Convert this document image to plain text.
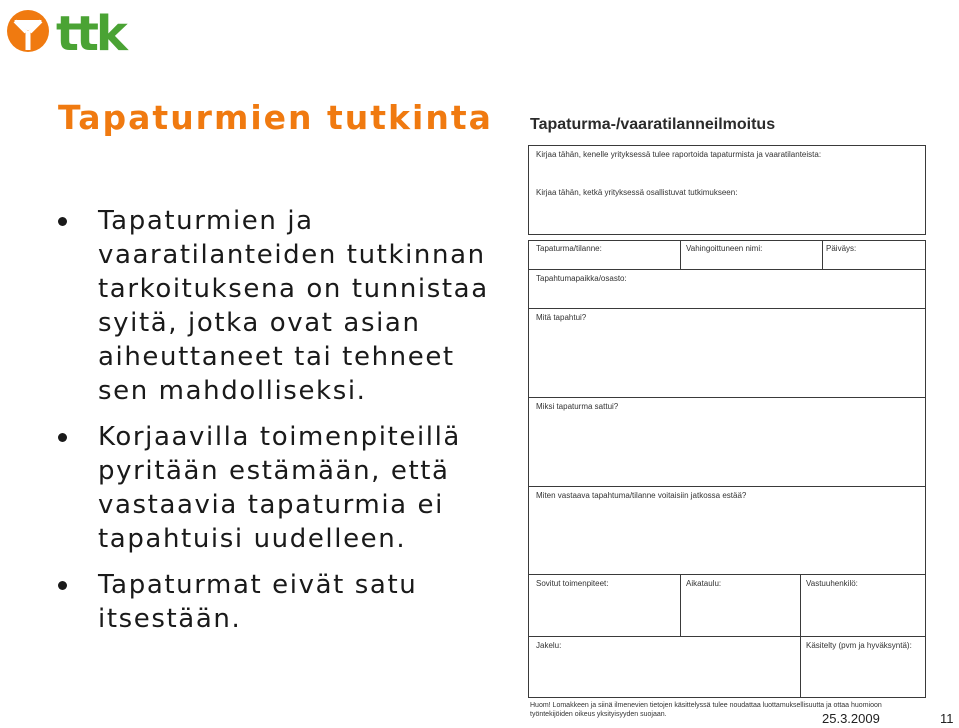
ttk
Tapaturmien tutkinta
Tapaturmien ja
vaaratilanteiden tutkinnan
tarkoituksena on tunnistaa
syitä, jotka ovat asian
aiheuttaneet tai tehneet
sen mahdolliseksi.
Korjaavilla toimenpiteillä
pyritään estämään, että
vastaavia tapaturmia ei
tapahtuisi uudelleen.
Tapaturmat eivät satu
itsestään.
Tapaturma-/vaaratilanneilmoitus
Kirjaa tähän, kenelle yrityksessä tulee raportoida tapaturmista ja vaaratilanteista:
Kirjaa tähän, ketkä yrityksessä osallistuvat tutkimukseen:
Tapaturma/tilanne:	Vahingoittuneen nimi:	Päiväys:
Tapahtumapaikka/osasto:
Mitä tapahtui?
Miksi tapaturma sattui?
Miten vastaava tapahtuma/tilanne voitaisiin jatkossa estää?
Sovitut toimenpiteet:	Aikataulu:	Vastuuhenkilö:
Jakelu:	Käsitelty (pvm ja hyväksyntä):
Huom! Lomakkeen ja siinä ilmenevien tietojen käsittelyssä tulee noudattaa luottamuksellisuutta ja ottaa huomioon työntekijöiden oikeus yksityisyyden suojaan.	25.3.2009	11
